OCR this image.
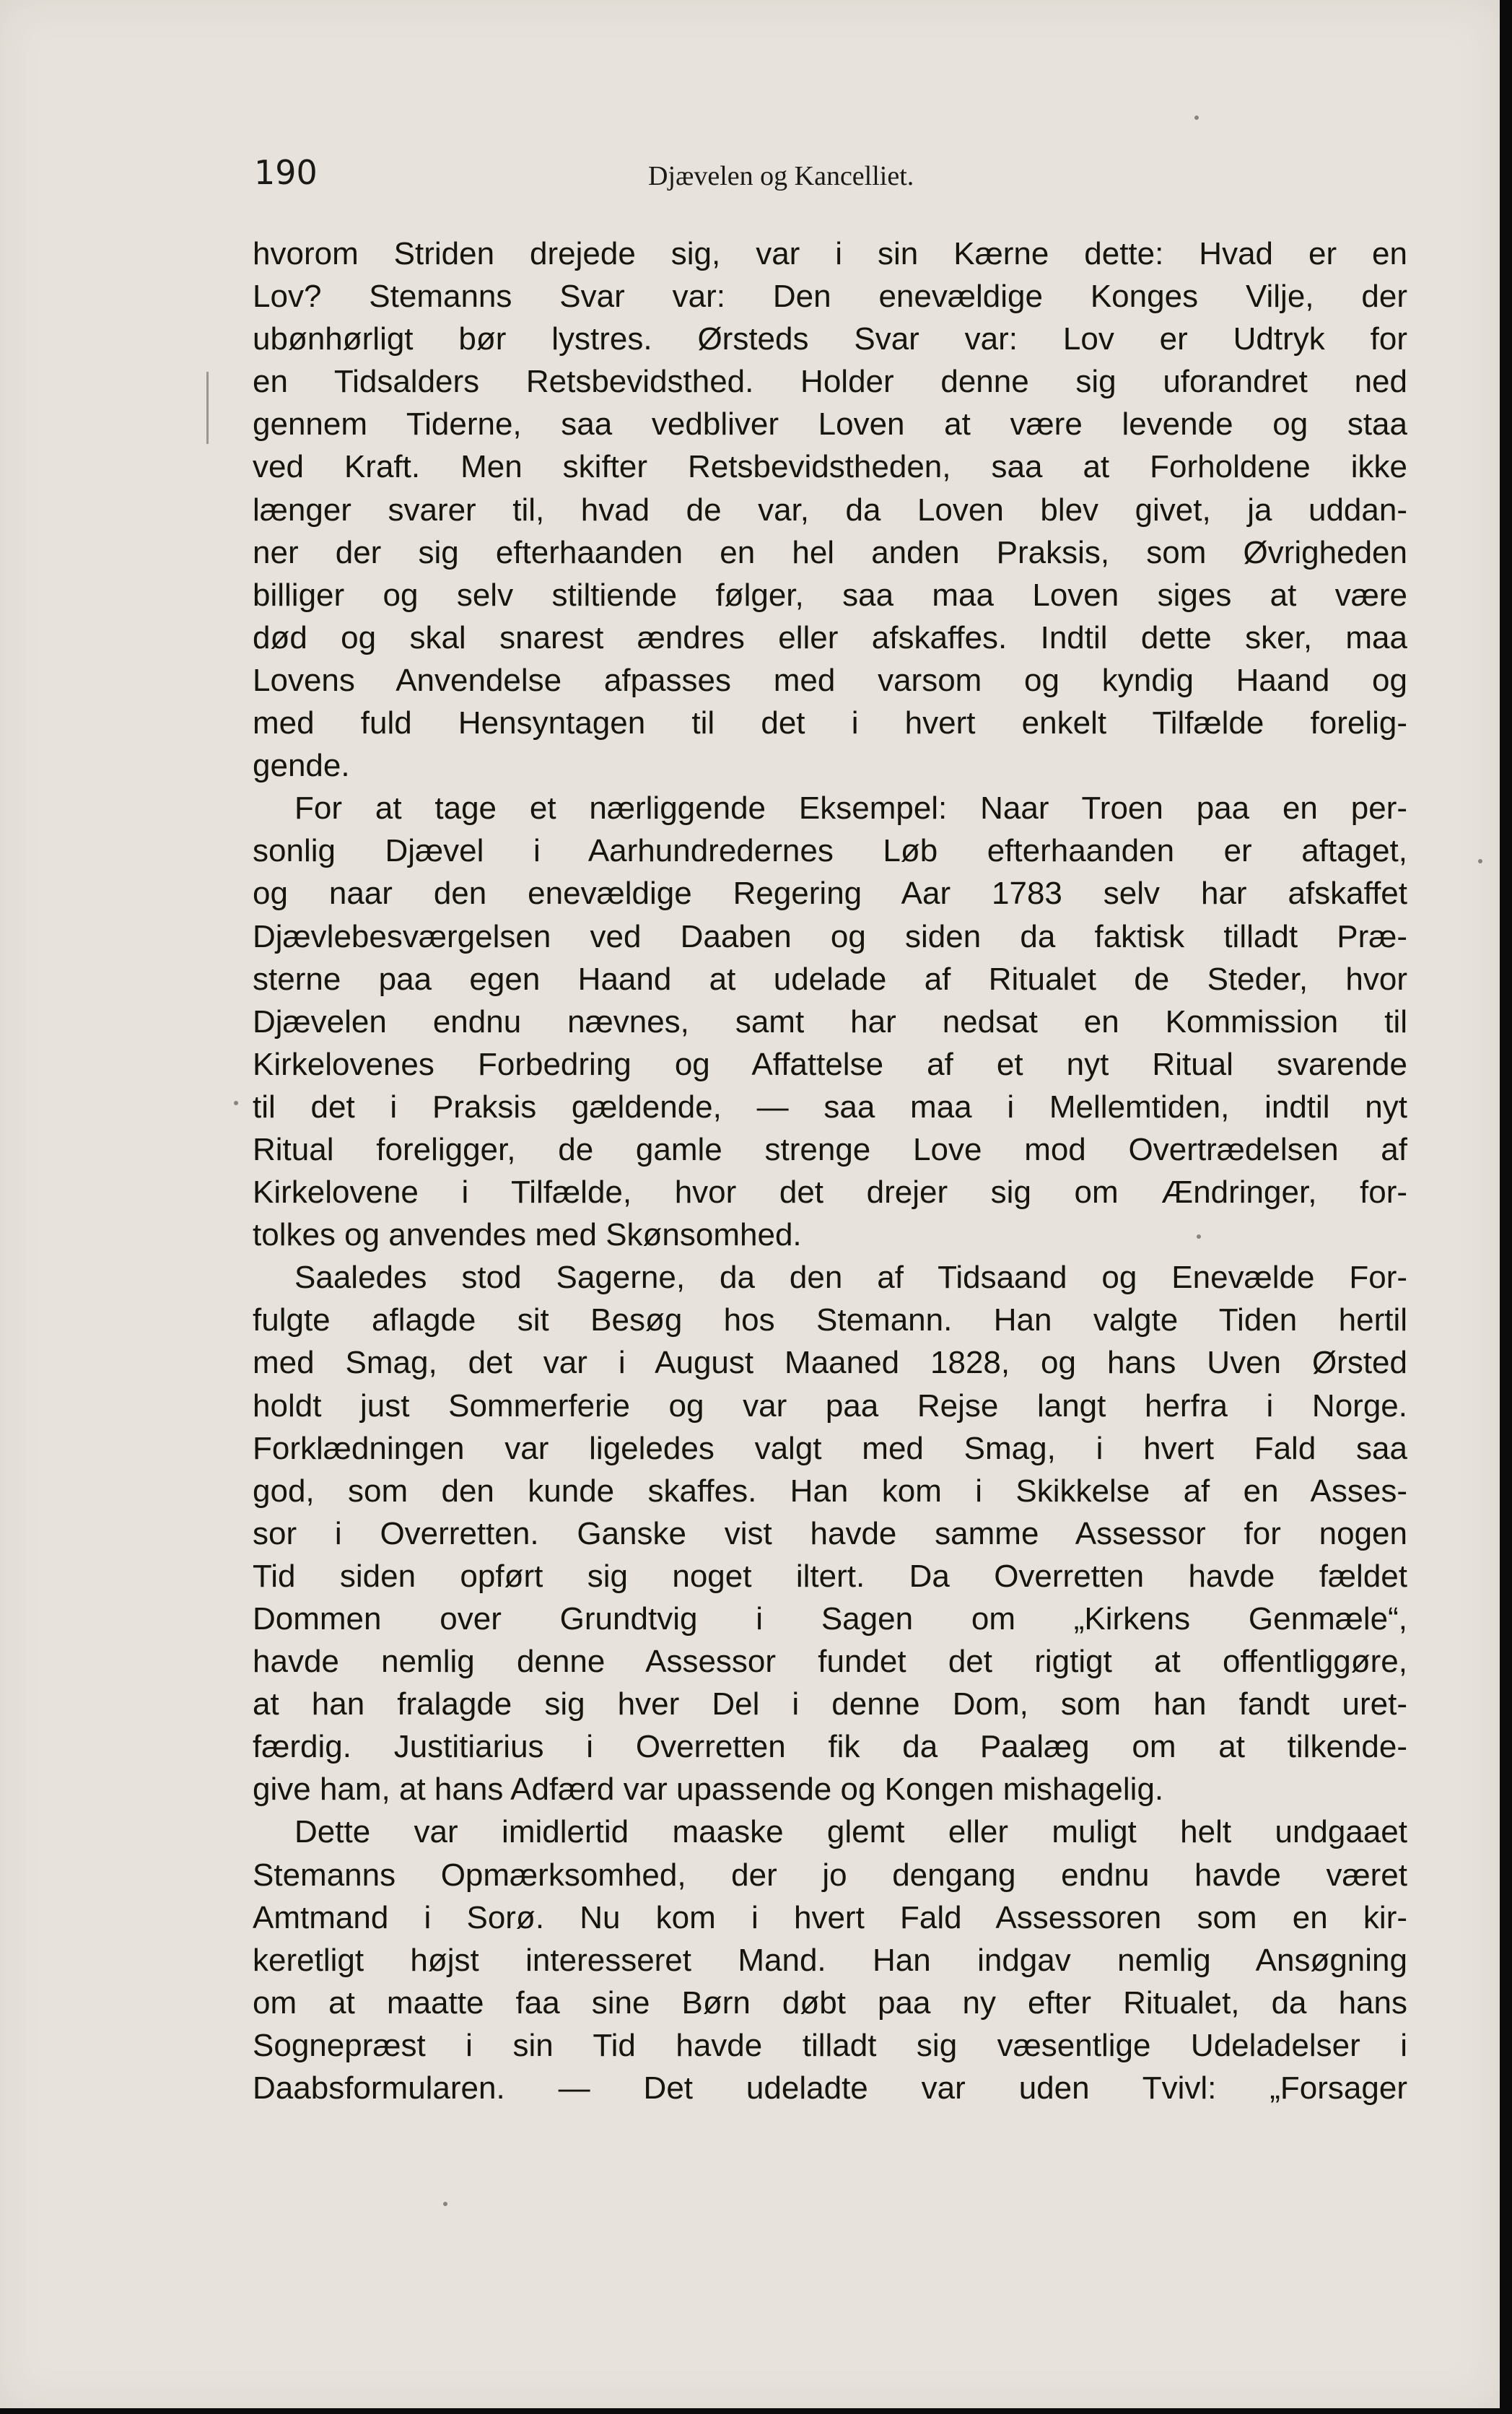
190	Djævelen og Kancelliet.
hvorom Striden drejede sig, var i sin Kærne dette: Hvad er en
Lov? Stemanns Svar var: Den enevældige Konges Vilje, der
ubønhørligt bør lystres. Ørsteds Svar var: Lov er Udtryk for
en Tidsalders Retsbevidsthed. Holder denne sig uforandret ned
gennem Tiderne, saa vedbliver Loven at være levende og staa
ved Kraft. Men skifter Retsbevidstheden, saa at Forholdene ikke
længer svarer til, hvad de var, da Loven blev givet, ja uddan-
ner der sig efterhaanden en hel anden Praksis, som Øvrigheden
billiger og selv stiltiende følger, saa maa Loven siges at være
død og skal snarest ændres eller afskaffes. Indtil dette sker, maa
Lovens Anvendelse afpasses med varsom og kyndig Haand og
med fuld Hensyntagen til det i hvert enkelt Tilfælde forelig-
gende.
For at tage et nærliggende Eksempel: Naar Troen paa en per-
sonlig Djævel i Aarhundredernes Løb efterhaanden er aftaget,
og naar den enevældige Regering Aar 1783 selv har afskaffet
Djævlebesværgelsen ved Daaben og siden da faktisk tilladt Præ-
sterne paa egen Haand at udelade af Ritualet de Steder, hvor
Djævelen endnu nævnes, samt har nedsat en Kommission til
Kirkelovenes Forbedring og Affattelse af et nyt Ritual svarende
til det i Praksis gældende, — saa maa i Mellemtiden, indtil nyt
Ritual foreligger, de gamle strenge Love mod Overtrædelsen af
Kirkelovene i Tilfælde, hvor det drejer sig om Ændringer, for-
tolkes og anvendes med Skønsomhed.
Saaledes stod Sagerne, da den af Tidsaand og Enevælde For-
fulgte aflagde sit Besøg hos Stemann. Han valgte Tiden hertil
med Smag, det var i August Maaned 1828, og hans Uven Ørsted
holdt just Sommerferie og var paa Rejse langt herfra i Norge.
Forklædningen var ligeledes valgt med Smag, i hvert Fald saa
god, som den kunde skaffes. Han kom i Skikkelse af en Asses-
sor i Overretten. Ganske vist havde samme Assessor for nogen
Tid siden opført sig noget iltert. Da Overretten havde fældet
Dommen over Grundtvig i Sagen om „Kirkens Genmæle“,
havde nemlig denne Assessor fundet det rigtigt at offentliggøre,
at han fralagde sig hver Del i denne Dom, som han fandt uret-
færdig. Justitiarius i Overretten fik da Paalæg om at tilkende-
give ham, at hans Adfærd var upassende og Kongen mishagelig.
Dette var imidlertid maaske glemt eller muligt helt undgaaet
Stemanns Opmærksomhed, der jo dengang endnu havde været
Amtmand i Sorø. Nu kom i hvert Fald Assessoren som en kir-
keretligt højst interesseret Mand. Han indgav nemlig Ansøgning
om at maatte faa sine Børn døbt paa ny efter Ritualet, da hans
Sognepræst i sin Tid havde tilladt sig væsentlige Udeladelser i
Daabsformularen. — Det udeladte var uden Tvivl: „Forsager
